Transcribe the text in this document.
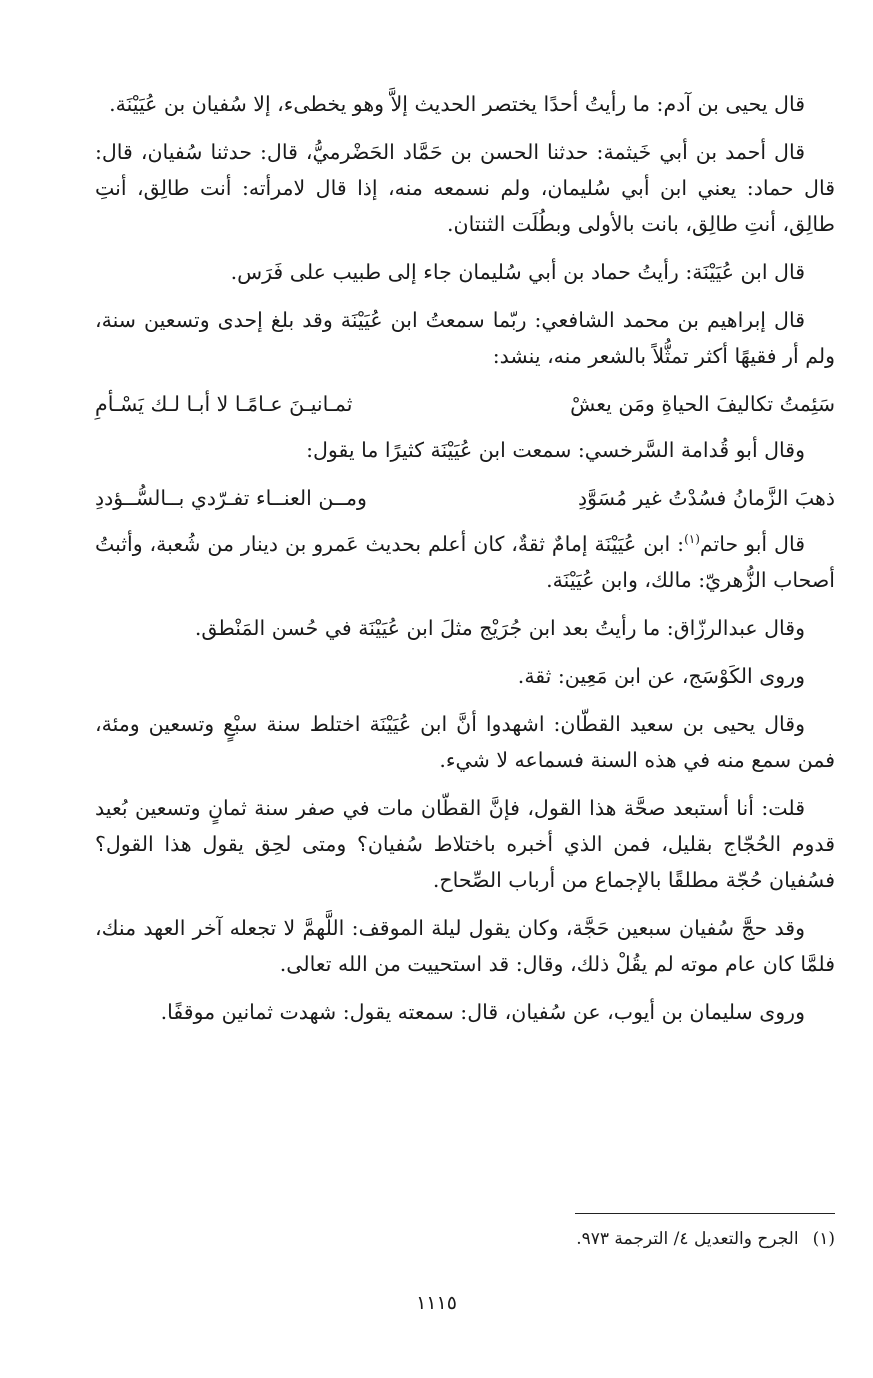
قال يحيى بن آدم: ما رأيتُ أحدًا يختصر الحديث إلاَّ وهو يخطىء، إلا سُفيان بن عُيَيْنَة.

قال أحمد بن أبي خَيثمة: حدثنا الحسن بن حَمَّاد الحَضْرميُّ، قال: حدثنا سُفيان، قال: قال حماد: يعني ابن أبي سُليمان، ولم نسمعه منه، إذا قال لامرأته: أنت طالِق، أنتِ طالِق، أنتِ طالِق، بانت بالأولى وبطُلَت الثنتان.

قال ابن عُيَيْنَة: رأيتُ حماد بن أبي سُليمان جاء إلى طبيب على فَرَس.

قال إبراهيم بن محمد الشافعي: ربّما سمعتُ ابن عُيَيْنَة وقد بلغ إحدى وتسعين سنة، ولم أر فقيهًا أكثر تمثُّلاً بالشعر منه، ينشد:

سَئِمتُ تكاليفَ الحياةِ ومَن يعشْ
ثمـانيـنَ عـامًـا لا أبـا لـك يَسْـأمِ

وقال أبو قُدامة السَّرخسي: سمعت ابن عُيَيْنَة كثيرًا ما يقول:

ذهبَ الزَّمانُ فسُدْتُ غير مُسَوَّدِ
ومــن العنــاء تفـرّدي بــالسُّــؤددِ

قال أبو حاتم$^{(١)}$: ابن عُيَيْنَة إمامٌ ثقةٌ، كان أعلم بحديث عَمرو بن دينار من شُعبة، وأثبتُ أصحاب الزُّهريّ: مالك، وابن عُيَيْنَة.

وقال عبدالرزّاق: ما رأيتُ بعد ابن جُرَيْج مثلَ ابن عُيَيْنَة في حُسن المَنْطق.

وروى الكَوْسَج، عن ابن مَعِين: ثقة.

وقال يحيى بن سعيد القطّان: اشهدوا أنَّ ابن عُيَيْنَة اختلط سنة سبْعٍ وتسعين ومئة، فمن سمع منه في هذه السنة فسماعه لا شيء.

قلت: أنا أستبعد صحَّة هذا القول، فإنَّ القطّان مات في صفر سنة ثمانٍ وتسعين بُعيد قدوم الحُجّاج بقليل، فمن الذي أخبره باختلاط سُفيان؟ ومتى لحِق يقول هذا القول؟ فسُفيان حُجّة مطلقًا بالإجماع من أرباب الصِّحاح.

وقد حجَّ سُفيان سبعين حَجَّة، وكان يقول ليلة الموقف: اللَّهمَّ لا تجعله آخر العهد منك، فلمَّا كان عام موته لم يقُلْ ذلك، وقال: قد استحييت من الله تعالى.

وروى سليمان بن أيوب، عن سُفيان، قال: سمعته يقول: شهدت ثمانين موقفًا.

(١)الجرح والتعديل ٤/ الترجمة ٩٧٣.
١١١٥
